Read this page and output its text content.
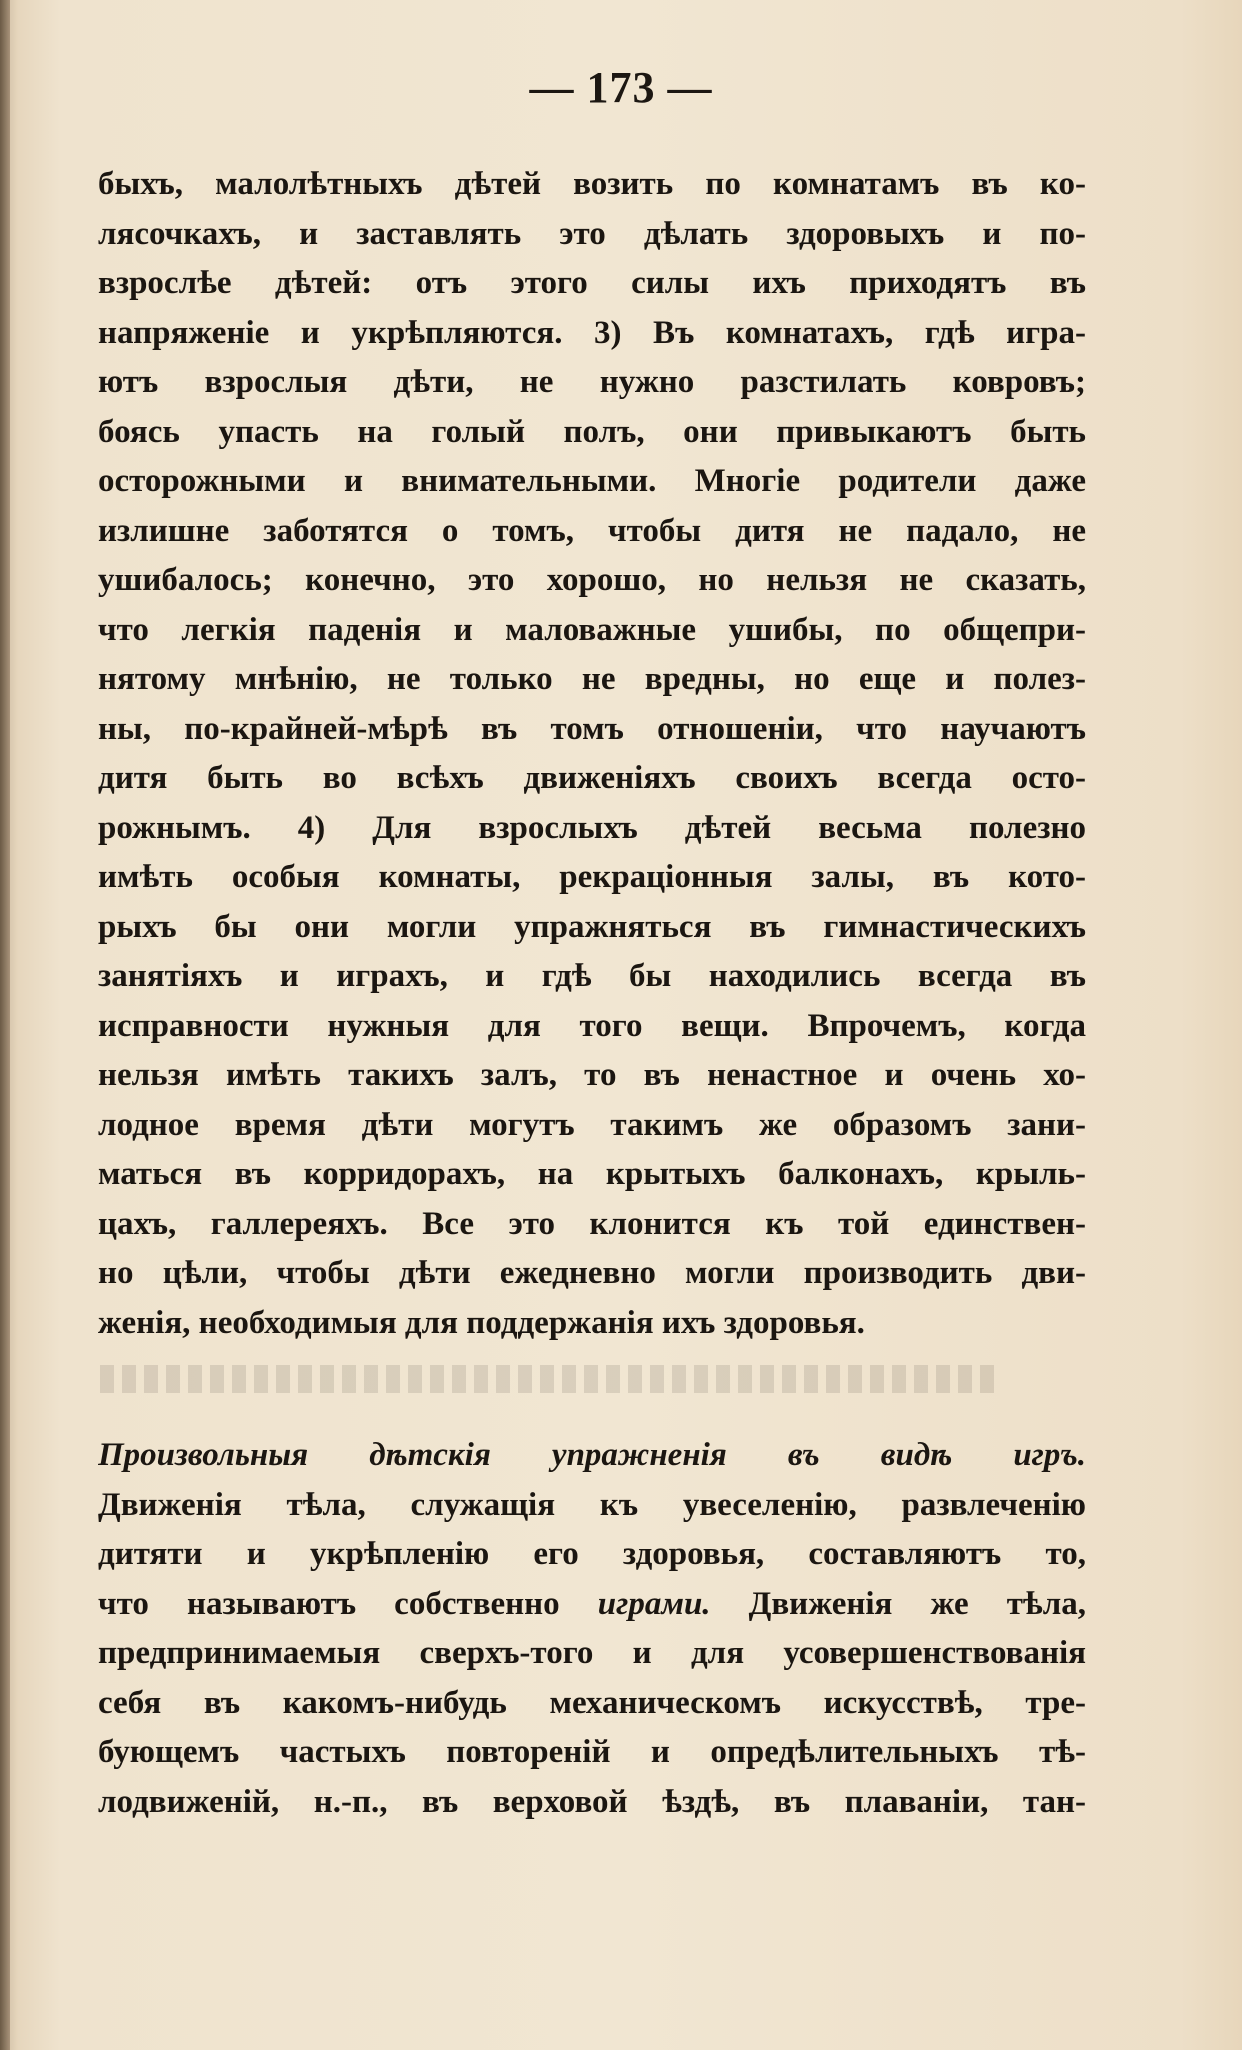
— 173 —
быхъ, малолѣтныхъ дѣтей возить по комнатамъ въ ко-
лясочкахъ, и заставлять это дѣлать здоровыхъ и по-
взрослѣе дѣтей: отъ этого силы ихъ приходятъ въ
напряженіе и укрѣпляются. 3) Въ комнатахъ, гдѣ игра-
ютъ взрослыя дѣти, не нужно разстилать ковровъ;
боясь упасть на голый полъ, они привыкаютъ быть
осторожными и внимательными. Многіе родители даже
излишне заботятся о томъ, чтобы дитя не падало, не
ушибалось; конечно, это хорошо, но нельзя не сказать,
что легкія паденія и маловажные ушибы, по общепри-
нятому мнѣнію, не только не вредны, но еще и полез-
ны, по-крайней-мѣрѣ въ томъ отношеніи, что научаютъ
дитя быть во всѣхъ движеніяхъ своихъ всегда осто-
рожнымъ. 4) Для взрослыхъ дѣтей весьма полезно
имѣть особыя комнаты, рекраціонныя залы, въ кото-
рыхъ бы они могли упражняться въ гимнастическихъ
занятіяхъ и играхъ, и гдѣ бы находились всегда въ
исправности нужныя для того вещи. Впрочемъ, когда
нельзя имѣть такихъ залъ, то въ ненастное и очень хо-
лодное время дѣти могутъ такимъ же образомъ зани-
маться въ корридорахъ, на крытыхъ балконахъ, крыль-
цахъ, галлереяхъ. Все это клонится къ той единствен-
но цѣли, чтобы дѣти ежедневно могли производить дви-
женія, необходимыя для поддержанія ихъ здоровья.
Произвольныя дѣтскія упражненія въ видѣ игръ.
Движенія тѣла, служащія къ увеселенію, развлеченію
дитяти и укрѣпленію его здоровья, составляютъ то,
что называютъ собственно играми. Движенія же тѣла,
предпринимаемыя сверхъ-того и для усовершенствованія
себя въ какомъ-нибудь механическомъ искусствѣ, тре-
бующемъ частыхъ повтореній и опредѣлительныхъ тѣ-
лодвиженій, н.-п., въ верховой ѣздѣ, въ плаваніи, тан-
